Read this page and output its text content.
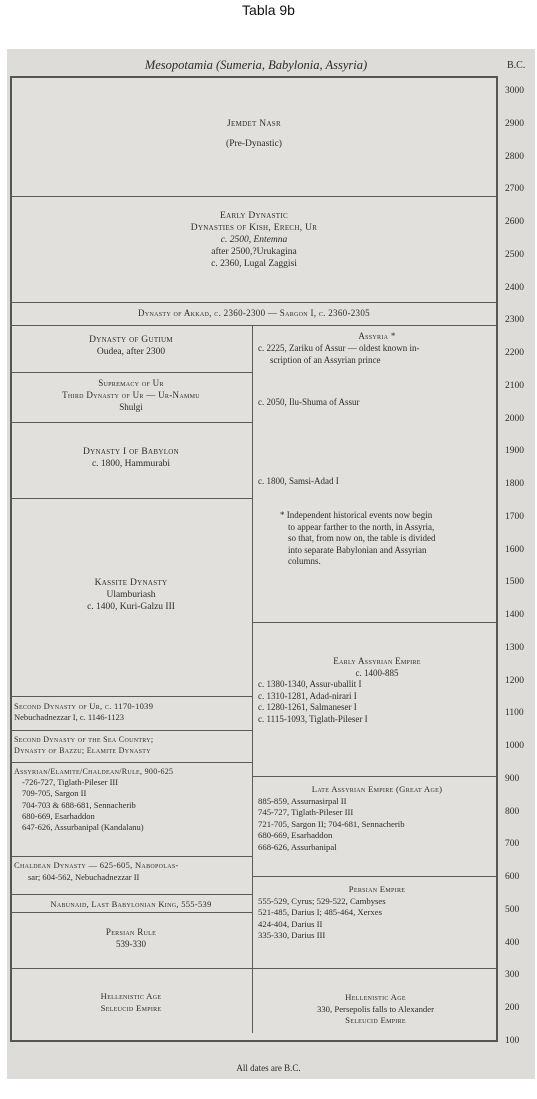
Tabla 9b
Mesopotamia (Sumeria, Babylonia, Assyria)	B.C.
Jemdet Nasr
(Pre-Dynastic)
Early Dynastic
Dynasties of Kish, Erech, Ur
c. 2500, Entemna
after 2500,?Urukagina
c. 2360, Lugal Zaggisi
Dynasty of Akkad, c. 2360-2300 — Sargon I, c. 2360-2305
Dynasty of Gutium
Oudea, after 2300
Assyria *
c. 2225, Zariku of Assur — oldest known in-
scription of an Assyrian prince
Supremacy of Ur
Third Dynasty of Ur — Ur-Nammu
Shulgi	c. 2050, Ilu-Shuma of Assur
Dynasty I of Babylon
c. 1800, Hammurabi
c. 1800, Samsi-Adad I
* Independent historical events now begin
to appear farther to the north, in Assyria,
so that, from now on, the table is divided
into separate Babylonian and Assyrian
columns.
Kassite Dynasty
Ulamburiash
c. 1400, Kuri-Galzu III
Early Assyrian Empire
c. 1400-885
c. 1380-1340, Assur-uballit I
c. 1310-1281, Adad-nirari I
c. 1280-1261, Salmaneser I
c. 1115-1093, Tiglath-Pileser I
Second Dynasty of Ur, c. 1170-1039
Nebuchadnezzar I, c. 1146-1123
Second Dynasty of the Sea Country;
Dynasty of Bazzu; Elamite Dynasty
Assyrian/Elamite/Chaldean/Rule, 900-625
-726-727, Tiglath-Pileser III
709-705, Sargon II
704-703 & 688-681, Sennacherib
680-669, Esarhaddon
647-626, Assurbanipal (Kandalanu)
Late Assyrian Empire (Great Age)
885-859, Assurnasirpal II
745-727, Tiglath-Pileser III
721-705, Sargon II; 704-681, Sennacherib
680-669, Esarhaddon
668-626, Assurbanipal
Chaldean Dynasty — 625-605, Nabopolas-
sar; 604-562, Nebuchadnezzar II
Nabunaid, Last Babylonian King, 555-539
Persian Rule
539-330
Persian Empire
555-529, Cyrus; 529-522, Cambyses
521-485, Darius I; 485-464, Xerxes
424-404, Darius II
335-330, Darius III
Hellenistic Age
Seleucid Empire
Hellenistic Age
330, Persepolis falls to Alexander
Seleucid Empire
3000
2900
2800
2700
2600
2500
2400
2300
2200
2100
2000
1900
1800
1700
1600
1500
1400
1300
1200
1100
1000
900
800
700
600
500
400
300
200
100
All dates are B.C.
